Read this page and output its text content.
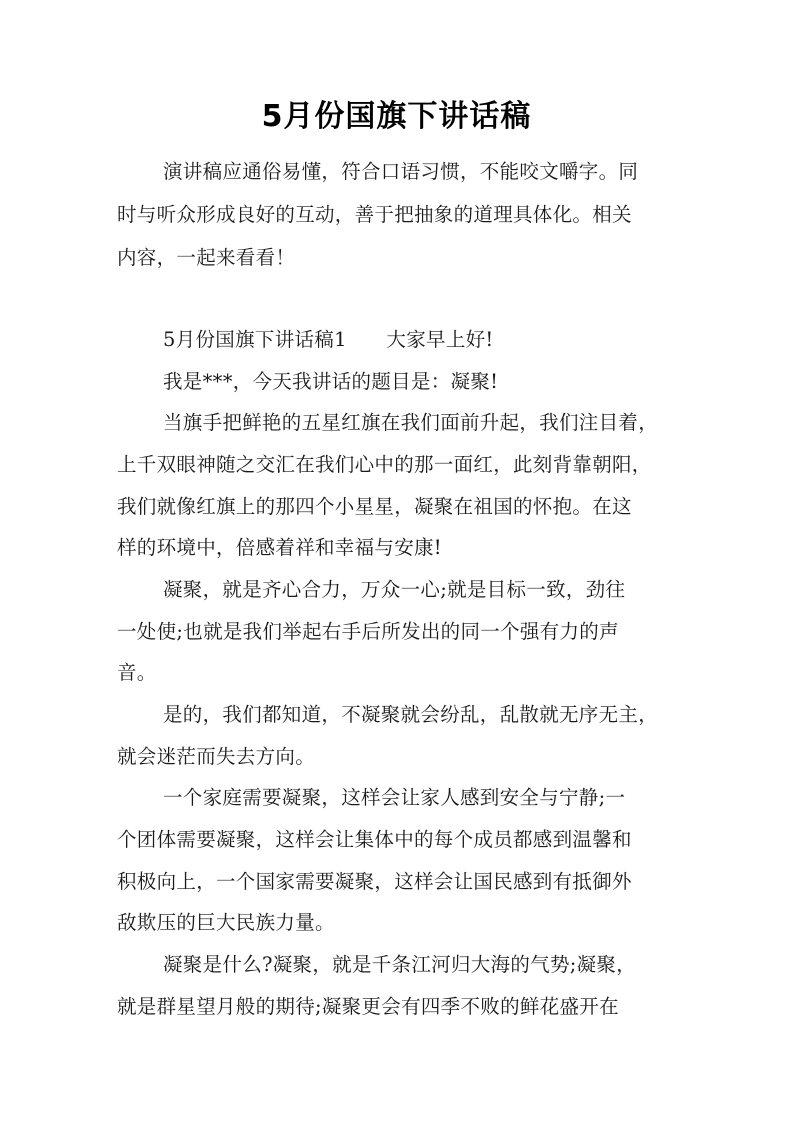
5月份国旗下讲话稿
演讲稿应通俗易懂，符合口语习惯，不能咬文嚼字。同
时与听众形成良好的互动，善于把抽象的道理具体化。相关
内容，一起来看看！
5月份国旗下讲话稿1　　大家早上好!
我是***，今天我讲话的题目是：凝聚!
当旗手把鲜艳的五星红旗在我们面前升起，我们注目着，
上千双眼神随之交汇在我们心中的那一面红，此刻背靠朝阳，
我们就像红旗上的那四个小星星，凝聚在祖国的怀抱。在这
样的环境中，倍感着祥和幸福与安康!
凝聚，就是齐心合力，万众一心;就是目标一致，劲往
一处使;也就是我们举起右手后所发出的同一个强有力的声
音。
是的，我们都知道，不凝聚就会纷乱，乱散就无序无主，
就会迷茫而失去方向。
一个家庭需要凝聚，这样会让家人感到安全与宁静;一
个团体需要凝聚，这样会让集体中的每个成员都感到温馨和
积极向上，一个国家需要凝聚，这样会让国民感到有抵御外
敌欺压的巨大民族力量。
凝聚是什么?凝聚，就是千条江河归大海的气势;凝聚，
就是群星望月般的期待;凝聚更会有四季不败的鲜花盛开在
